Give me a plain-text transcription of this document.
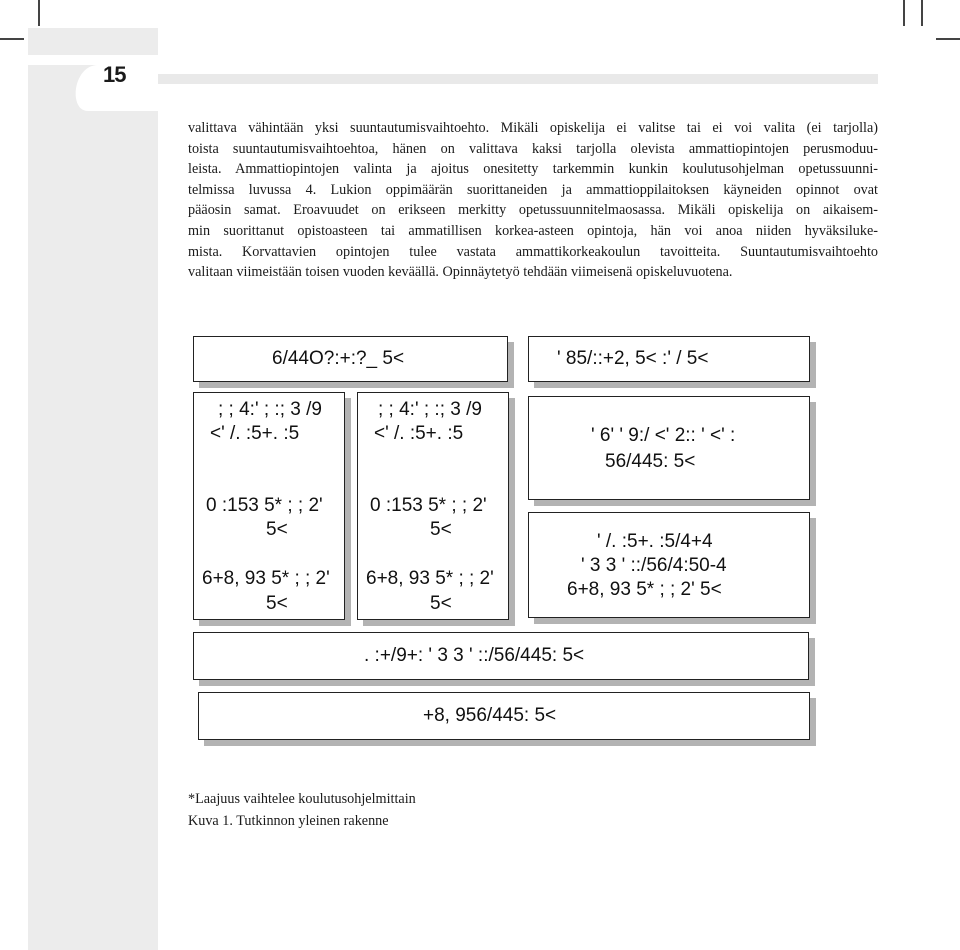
15
valittava vähintään yksi suuntautumisvaihtoehto. Mikäli opiskelija ei valitse tai ei voi valita (ei tarjolla)
toista suuntautumisvaihtoehtoa, hänen on valittava kaksi tarjolla olevista ammattiopintojen perusmoduu-
leista. Ammattiopintojen valinta ja ajoitus onesitetty tarkemmin kunkin koulutusohjelman opetussuunni-
telmissa luvussa 4. Lukion oppimäärän suorittaneiden ja ammattioppilaitoksen käyneiden opinnot ovat
pääosin samat. Eroavuudet on erikseen merkitty opetussuunnitelmaosassa. Mikäli opiskelija on aikaisem-
min suorittanut opistoasteen tai ammatillisen korkea-asteen opintoja, hän voi anoa niiden hyväksilukе-
mista. Korvattavien opintojen tulee vastata ammattikorkeakoulun tavoitteita. Suuntautumisvaihtoehto
valitaan viimeistään toisen vuoden keväällä. Opinnäytetyö tehdään viimeisenä opiskeluvuotena.
6/44O?:+:?_ 5<	' 85/::+2, 5< :' / 5<
; ; 4:' ; :; 3 /9
<' /. :5+. :5
0 :153 5* ; ; 2'
5<
6+8, 93 5* ; ; 2'
5<
; ; 4:' ; :; 3 /9
<' /. :5+. :5
0 :153 5* ; ; 2'
5<
6+8, 93 5* ; ; 2'
5<
' 6' ' 9:/ <' 2:: ' <' :
56/445: 5<
' /. :5+. :5/4+4
' 3 3 ' ::/56/4:50-4
6+8, 93 5* ; ; 2' 5<
. :+/9+: ' 3 3 ' ::/56/445: 5<
+8, 956/445: 5<
*Laajuus vaihtelee koulutusohjelmittain
Kuva 1. Tutkinnon yleinen rakenne
